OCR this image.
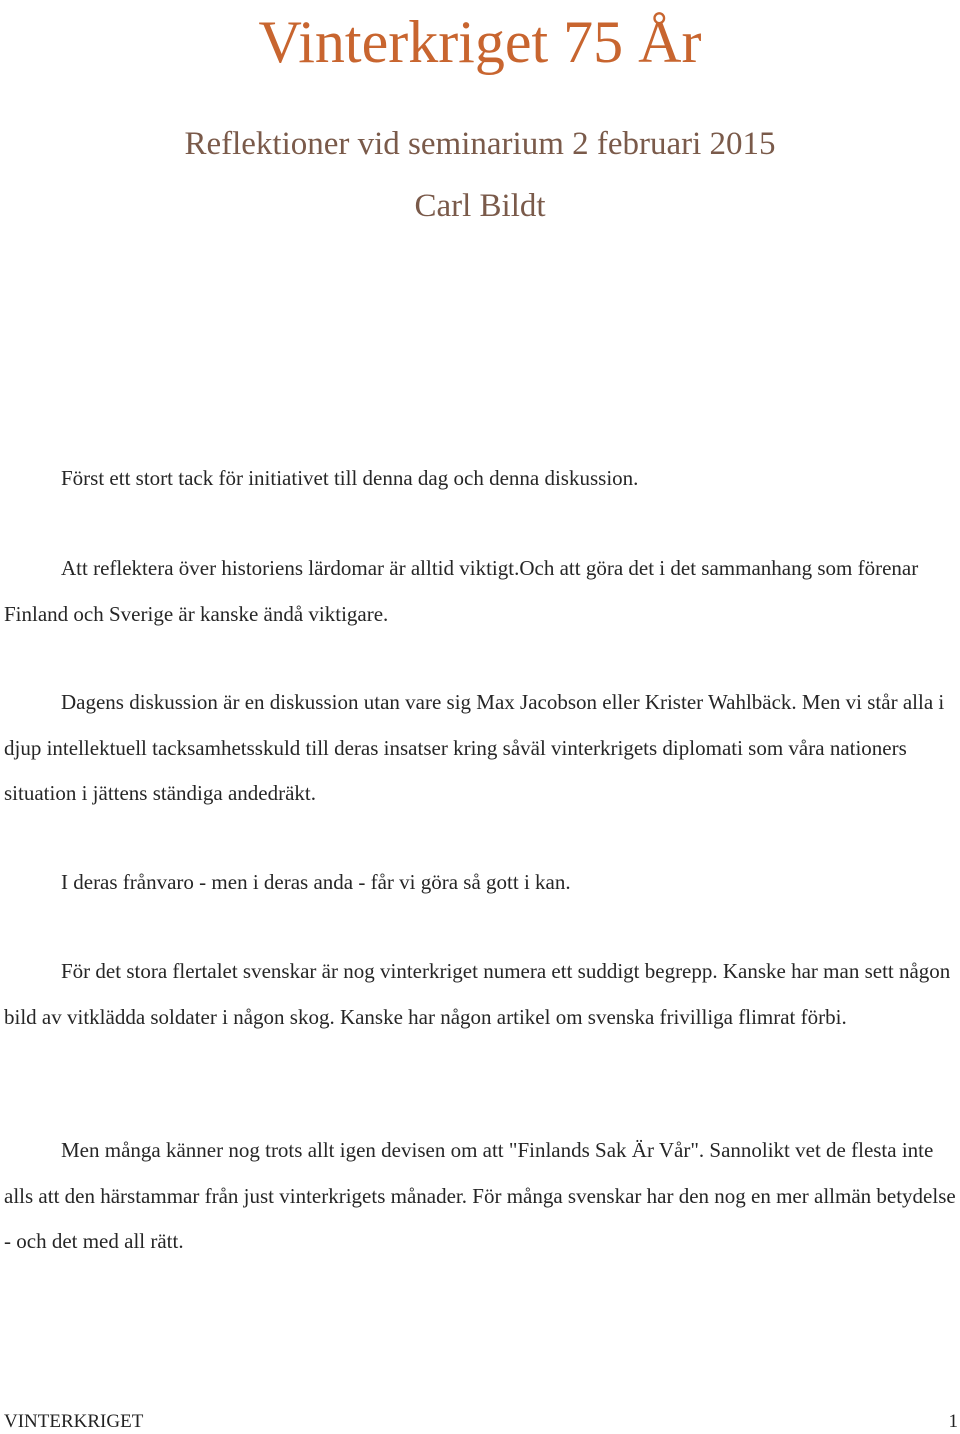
Vinterkriget 75 År
Reflektioner vid seminarium 2 februari 2015
Carl Bildt

Först ett stort tack för initiativet till denna dag och denna diskussion.

Att reflektera över historiens lärdomar är alltid viktigt.Och att göra det i det sammanhang som förenar Finland och Sverige är kanske ändå viktigare.

Dagens diskussion är en diskussion utan vare sig Max Jacobson eller Krister Wahlbäck. Men vi står alla i djup intellektuell tacksamhetsskuld till deras insatser kring såväl vinterkrigets diplomati som våra nationers situation i jättens ständiga andedräkt.

I deras frånvaro - men i deras anda - får vi göra så gott i kan.

För det stora flertalet svenskar är nog vinterkriget numera ett suddigt begrepp. Kanske har man sett någon bild av vitklädda soldater i någon skog. Kanske har någon artikel om svenska frivilliga flimrat förbi.

Men många känner nog trots allt igen devisen om att "Finlands Sak Är Vår". Sannolikt vet de flesta inte alls att den härstammar från just vinterkrigets månader. För många svenskar har den nog en mer allmän betydelse - och det med all rätt.

VINTERKRIGET	1
